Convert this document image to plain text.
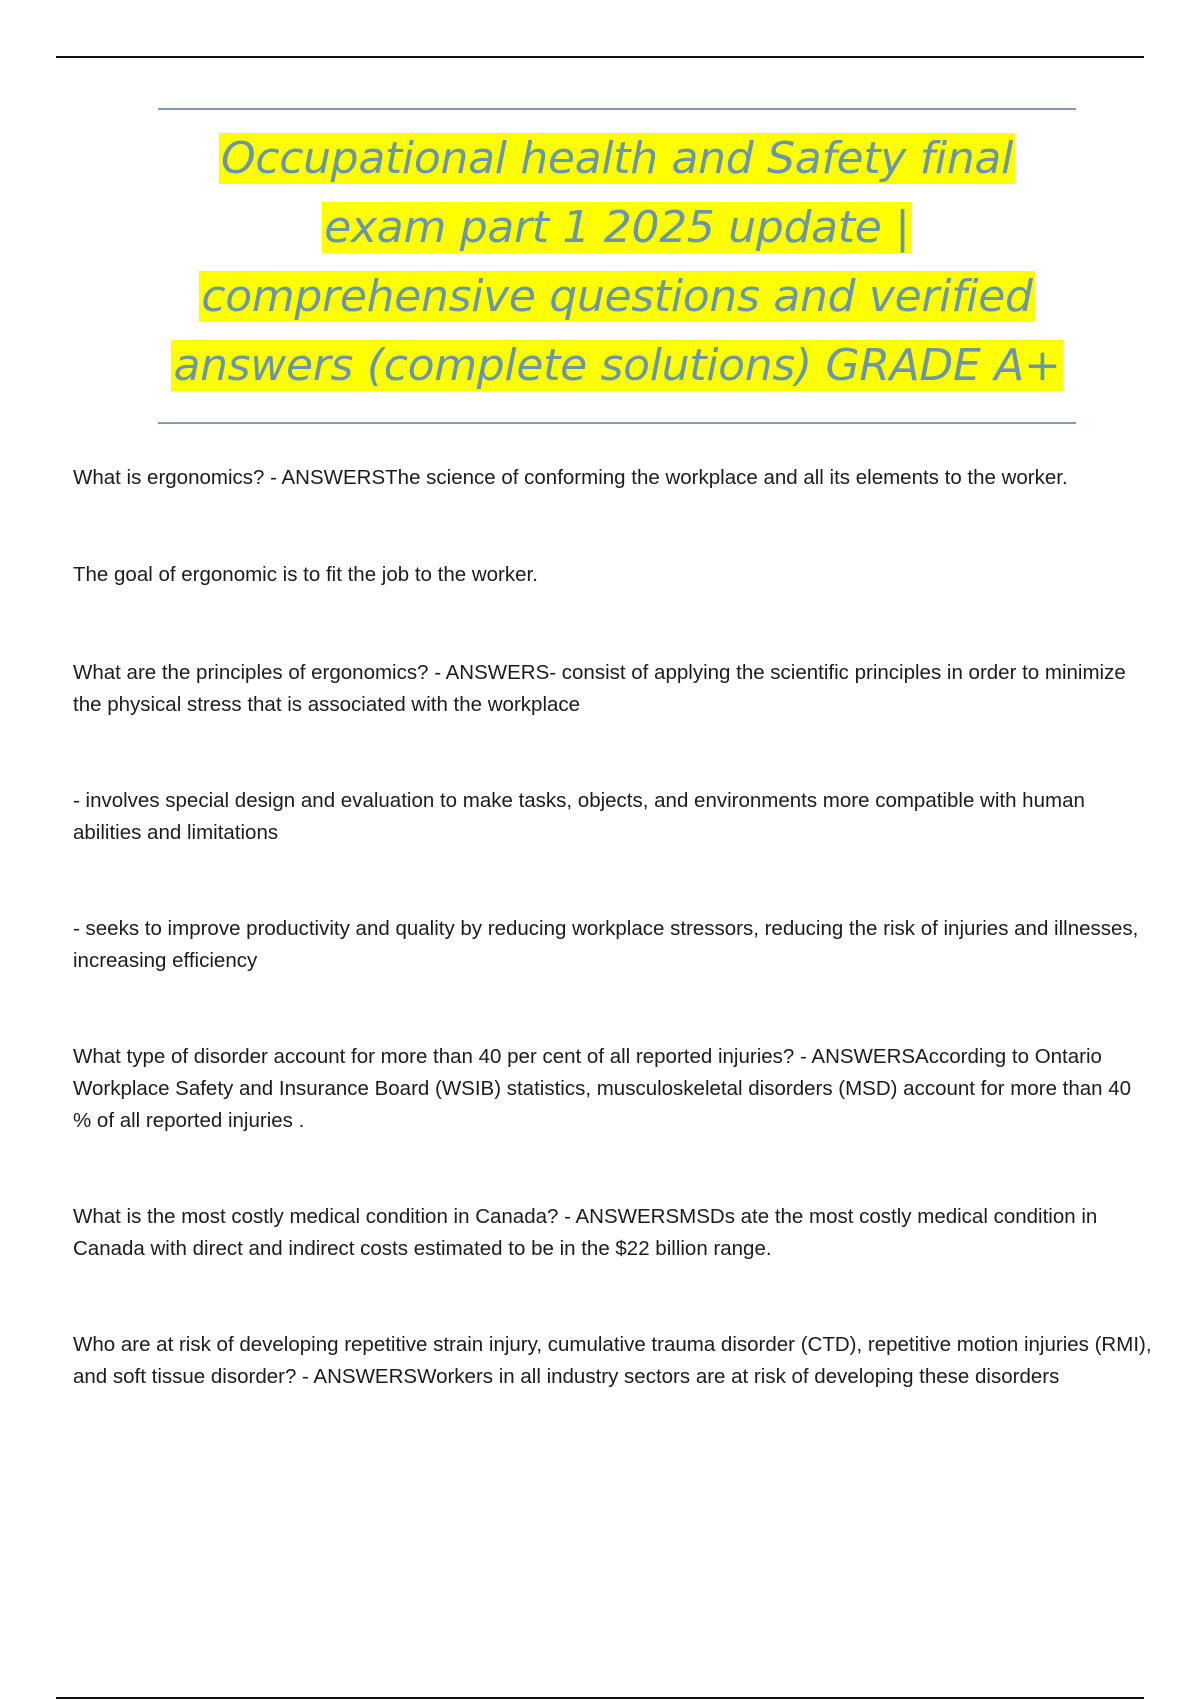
Occupational health and Safety final exam part 1 2025 update | comprehensive questions and verified answers (complete solutions) GRADE A+
What is ergonomics? - ANSWERSThe science of conforming the workplace and all its elements to the worker.
The goal of ergonomic is to fit the job to the worker.
What are the principles of ergonomics? - ANSWERS- consist of applying the scientific principles in order to minimize the physical stress that is associated with the workplace
- involves special design and evaluation to make tasks, objects, and environments more compatible with human abilities and limitations
- seeks to improve productivity and quality by reducing workplace stressors, reducing the risk of injuries and illnesses, increasing efficiency
What type of disorder account for more than 40 per cent of all reported injuries? - ANSWERSAccording to Ontario Workplace Safety and Insurance Board (WSIB) statistics, musculoskeletal disorders (MSD) account for more than 40 % of all reported injuries .
What is the most costly medical condition in Canada? - ANSWERSMSDs ate the most costly medical condition in Canada with direct and indirect costs estimated to be in the $22 billion range.
Who are at risk of developing repetitive strain injury, cumulative trauma disorder (CTD), repetitive motion injuries (RMI), and soft tissue disorder? - ANSWERSWorkers in all industry sectors are at risk of developing these disorders
